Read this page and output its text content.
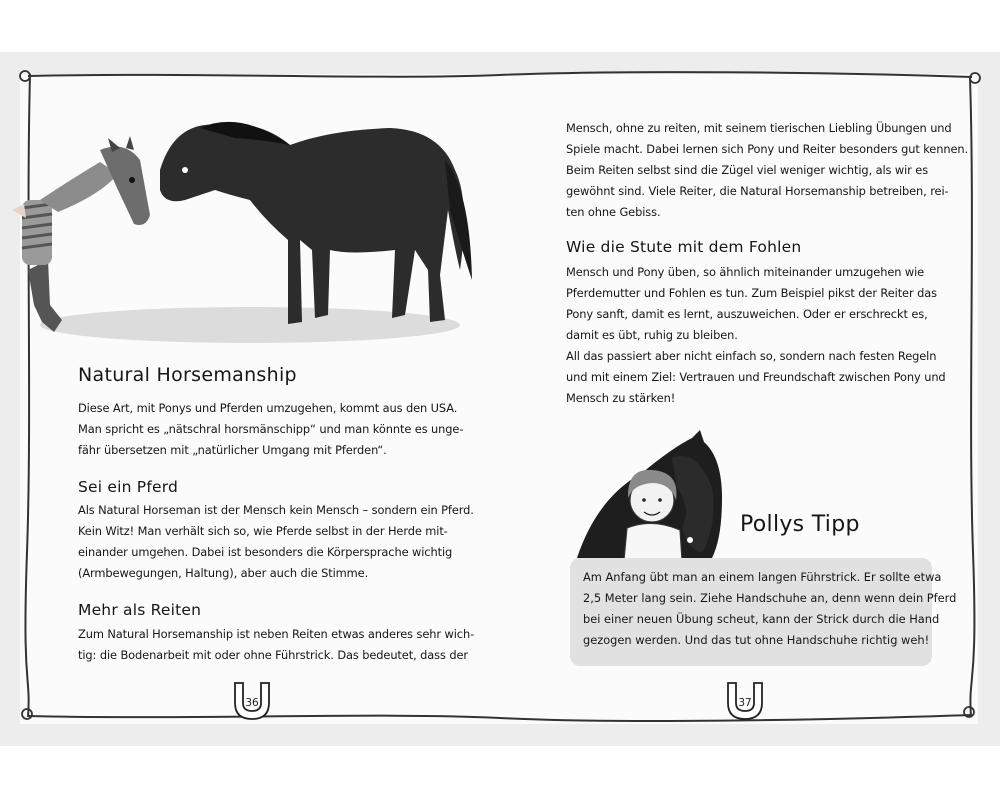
Natural Horsemanship
Diese Art, mit Ponys und Pferden umzugehen, kommt aus den USA.
Man spricht es „nätschral horsmänschipp“ und man könnte es unge-
fähr übersetzen mit „natürlicher Umgang mit Pferden“.
Sei ein Pferd
Als Natural Horseman ist der Mensch kein Mensch – sondern ein Pferd.
Kein Witz! Man verhält sich so, wie Pferde selbst in der Herde mit-
einander umgehen. Dabei ist besonders die Körpersprache wichtig
(Armbewegungen, Haltung), aber auch die Stimme.
Mehr als Reiten
Zum Natural Horsemanship ist neben Reiten etwas anderes sehr wich-
tig: die Bodenarbeit mit oder ohne Führstrick. Das bedeutet, dass der
Mensch, ohne zu reiten, mit seinem tierischen Liebling Übungen und
Spiele macht. Dabei lernen sich Pony und Reiter besonders gut kennen.
Beim Reiten selbst sind die Zügel viel weniger wichtig, als wir es
gewöhnt sind. Viele Reiter, die Natural Horsemanship betreiben, rei-
ten ohne Gebiss.
Wie die Stute mit dem Fohlen
Mensch und Pony üben, so ähnlich miteinander umzugehen wie
Pferdemutter und Fohlen es tun. Zum Beispiel pikst der Reiter das
Pony sanft, damit es lernt, auszuweichen. Oder er erschreckt es,
damit es übt, ruhig zu bleiben.
All das passiert aber nicht einfach so, sondern nach festen Regeln
und mit einem Ziel: Vertrauen und Freundschaft zwischen Pony und
Mensch zu stärken!
Pollys Tipp
Am Anfang übt man an einem langen Führstrick. Er sollte etwa
2,5 Meter lang sein. Ziehe Handschuhe an, denn wenn dein Pferd
bei einer neuen Übung scheut, kann der Strick durch die Hand
gezogen werden. Und das tut ohne Handschuhe richtig weh!
36	37
